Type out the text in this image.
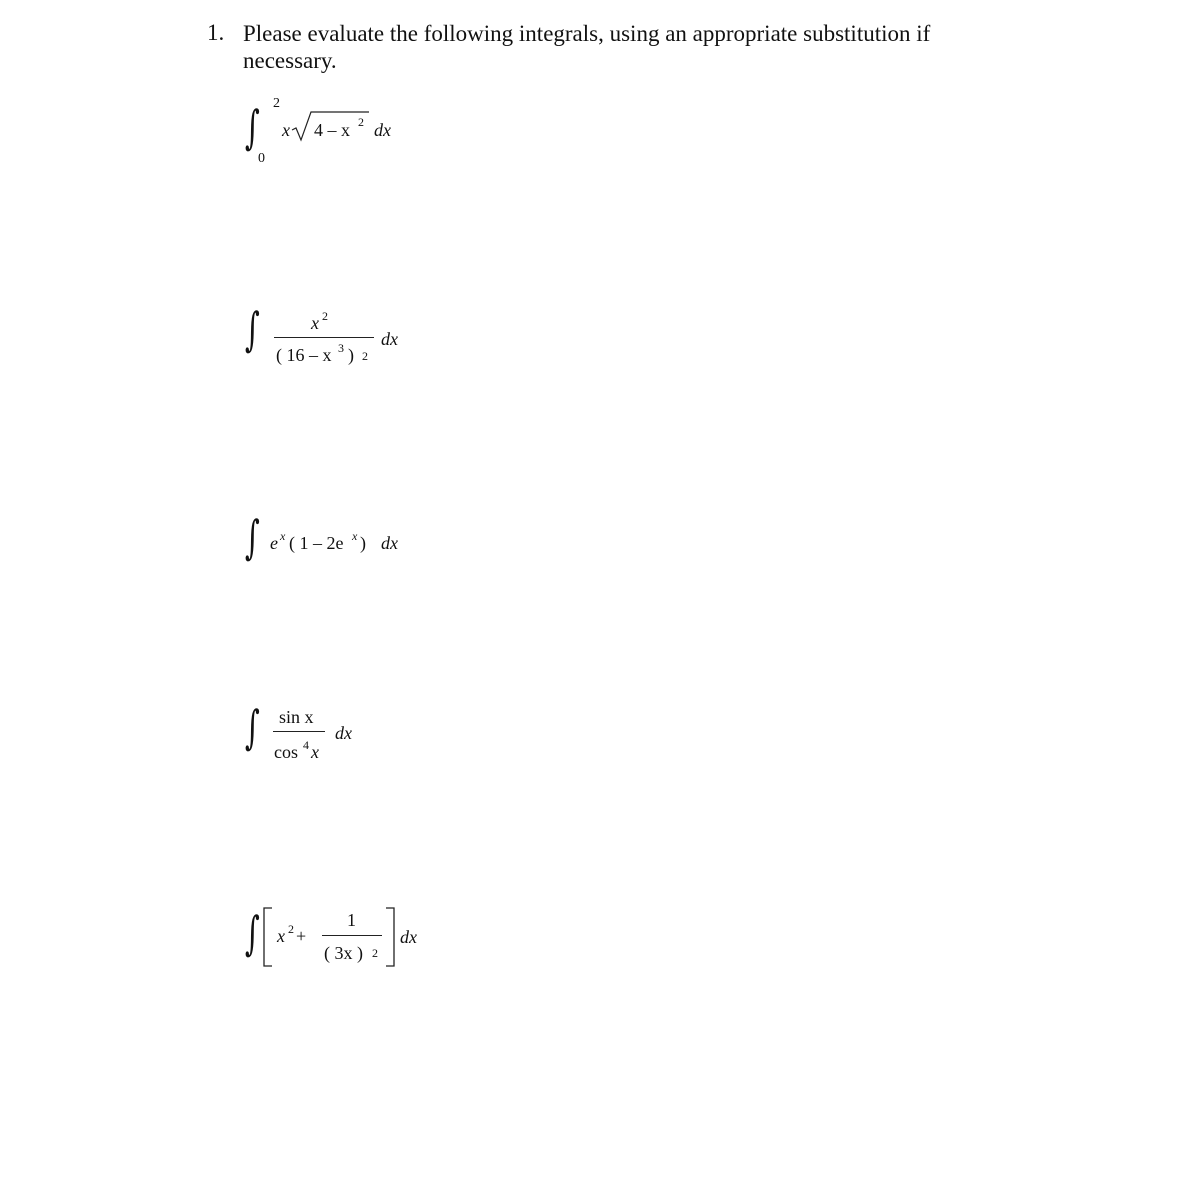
1. Please evaluate the following integrals, using an appropriate substitution if necessary.
∫ 2
0
x 4 – x 2 dx
∫	x 2
( 16 – x 3 ) 2
dx
∫ e x ( 1 – 2e x ) dx
∫ sin x
cos 4 x
dx
∫ x 2 +
1
( 3x ) 2
dx
